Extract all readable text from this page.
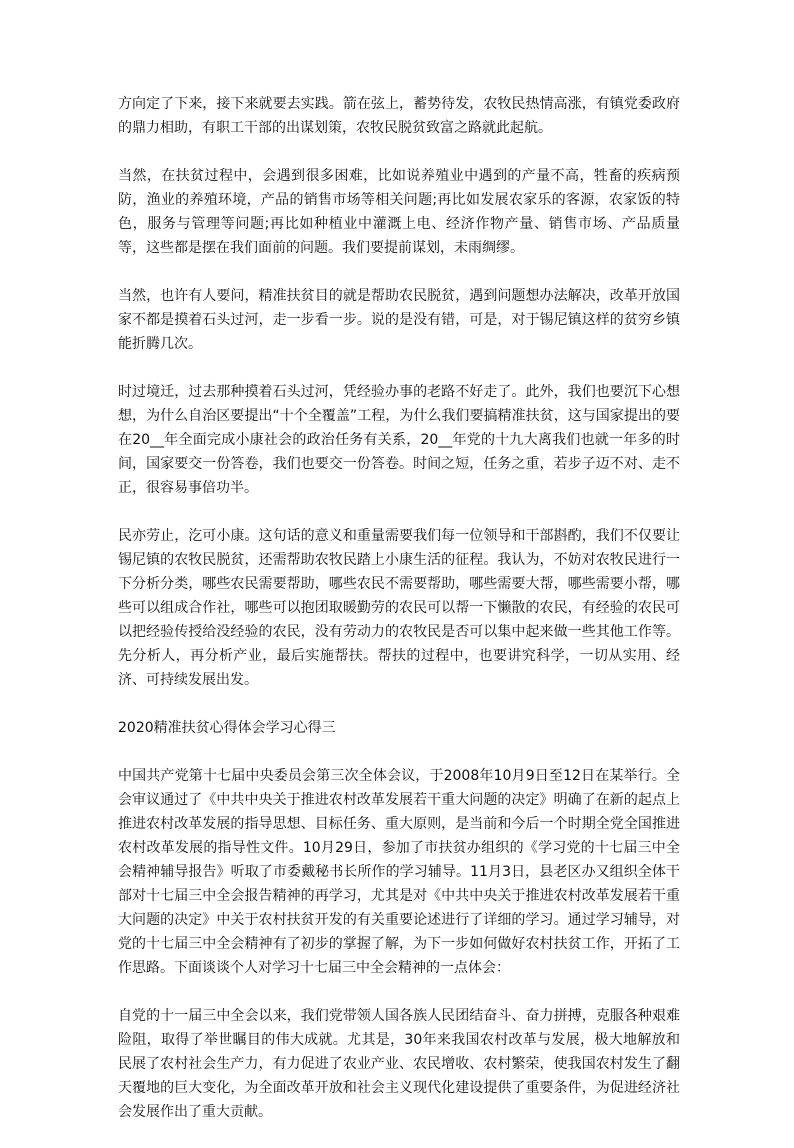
方向定了下来，接下来就要去实践。箭在弦上，蓄势待发，农牧民热情高涨，有镇党委政府的鼎力相助，有职工干部的出谋划策，农牧民脱贫致富之路就此起航。

当然，在扶贫过程中，会遇到很多困难，比如说养殖业中遇到的产量不高，牲畜的疾病预防，渔业的养殖环境，产品的销售市场等相关问题;再比如发展农家乐的客源，农家饭的特色，服务与管理等问题;再比如种植业中灌溉上电、经济作物产量、销售市场、产品质量等，这些都是摆在我们面前的问题。我们要提前谋划，未雨绸缪。

当然，也许有人要问，精准扶贫目的就是帮助农民脱贫，遇到问题想办法解决，改革开放国家不都是摸着石头过河，走一步看一步。说的是没有错，可是，对于锡尼镇这样的贫穷乡镇能折腾几次。

时过境迁，过去那种摸着石头过河，凭经验办事的老路不好走了。此外，我们也要沉下心想想，为什么自治区要提出“十个全覆盖”工程，为什么我们要搞精准扶贫，这与国家提出的要在20__年全面完成小康社会的政治任务有关系，20__年党的十九大离我们也就一年多的时间，国家要交一份答卷，我们也要交一份答卷。时间之短，任务之重，若步子迈不对、走不正，很容易事倍功半。

民亦劳止，汔可小康。这句话的意义和重量需要我们每一位领导和干部斟酌，我们不仅要让锡尼镇的农牧民脱贫，还需帮助农牧民踏上小康生活的征程。我认为，不妨对农牧民进行一下分析分类，哪些农民需要帮助，哪些农民不需要帮助，哪些需要大帮，哪些需要小帮，哪些可以组成合作社，哪些可以抱团取暖勤劳的农民可以帮一下懒散的农民，有经验的农民可以把经验传授给没经验的农民，没有劳动力的农牧民是否可以集中起来做一些其他工作等。先分析人，再分析产业，最后实施帮扶。帮扶的过程中，也要讲究科学，一切从实用、经济、可持续发展出发。

2020精准扶贫心得体会学习心得三

中国共产党第十七届中央委员会第三次全体会议，于2008年10月9日至12日在某举行。全会审议通过了《中共中央关于推进农村改革发展若干重大问题的决定》明确了在新的起点上推进农村改革发展的指导思想、目标任务、重大原则，是当前和今后一个时期全党全国推进农村改革发展的指导性文件。10月29日，参加了市扶贫办组织的《学习党的十七届三中全会精神辅导报告》听取了市委戴秘书长所作的学习辅导。11月3日，县老区办又组织全体干部对十七届三中全会报告精神的再学习，尤其是对《中共中央关于推进农村改革发展若干重大问题的决定》中关于农村扶贫开发的有关重要论述进行了详细的学习。通过学习辅导，对党的十七届三中全会精神有了初步的掌握了解，为下一步如何做好农村扶贫工作，开拓了工作思路。下面谈谈个人对学习十七届三中全会精神的一点体会：

自党的十一届三中全会以来，我们党带领人国各族人民团结奋斗、奋力拼搏，克服各种艰难险阻，取得了举世瞩目的伟大成就。尤其是，30年来我国农村改革与发展，极大地解放和民展了农村社会生产力，有力促进了农业产业、农民增收、农村繁荣，使我国农村发生了翻天覆地的巨大变化，为全面改革开放和社会主义现代化建设提供了重要条件，为促进经济社会发展作出了重大贡献。
